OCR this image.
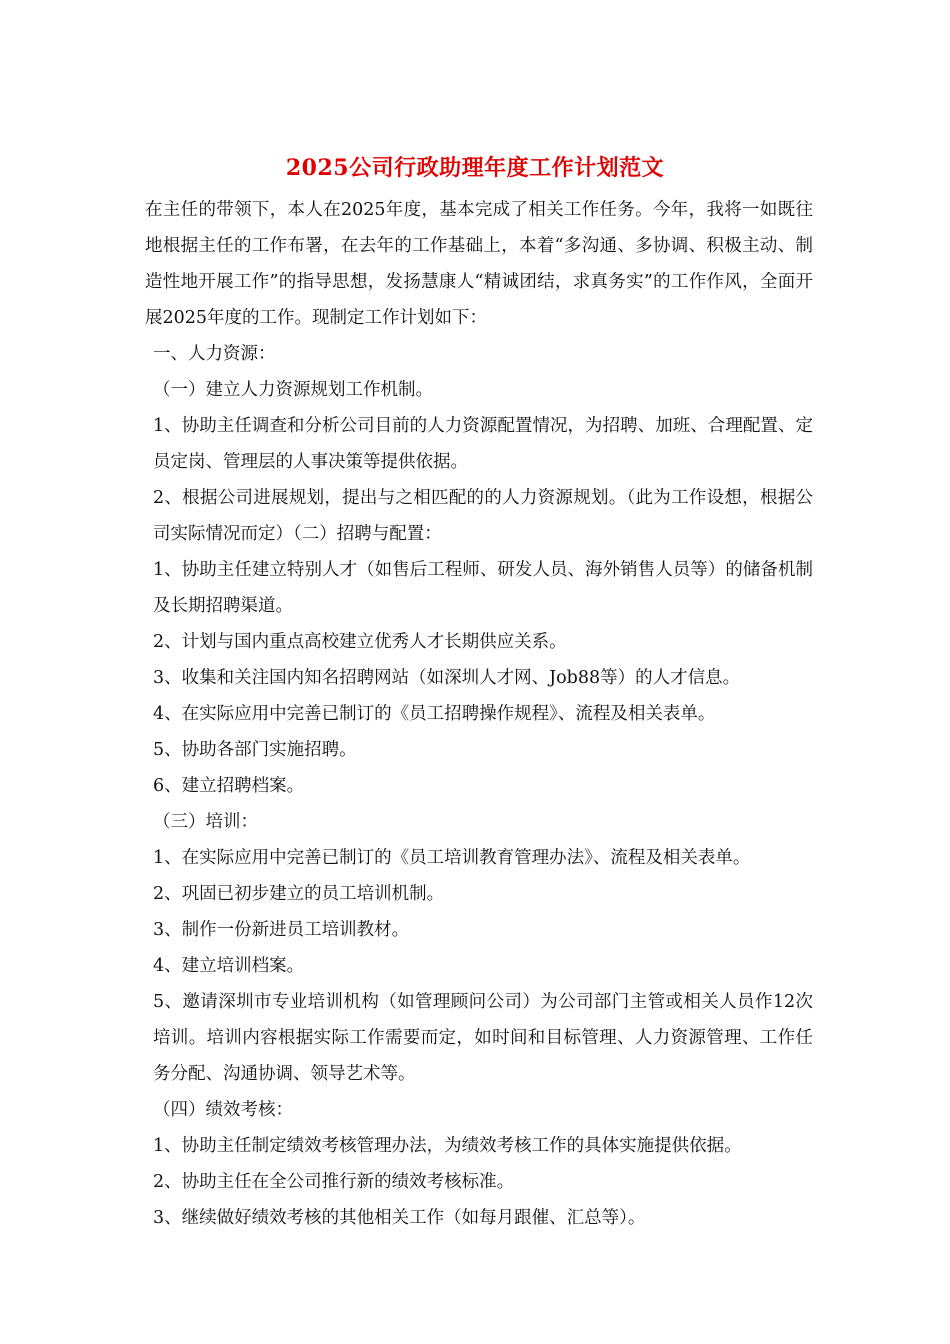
2025公司行政助理年度工作计划范文

在主任的带领下，本人在2025年度，基本完成了相关工作任务。今年，我将一如既往地根据主任的工作布署，在去年的工作基础上，本着“多沟通、多协调、积极主动、制造性地开展工作”的指导思想，发扬慧康人“精诚团结，求真务实”的工作作风，全面开展2025年度的工作。现制定工作计划如下：

一、人力资源：

（一）建立人力资源规划工作机制。

1、协助主任调查和分析公司目前的人力资源配置情况，为招聘、加班、合理配置、定员定岗、管理层的人事决策等提供依据。

2、根据公司进展规划，提出与之相匹配的的人力资源规划。（此为工作设想，根据公司实际情况而定）（二）招聘与配置：

1、协助主任建立特别人才（如售后工程师、研发人员、海外销售人员等）的储备机制及长期招聘渠道。

2、计划与国内重点高校建立优秀人才长期供应关系。

3、收集和关注国内知名招聘网站（如深圳人才网、Job88等）的人才信息。

4、在实际应用中完善已制订的《员工招聘操作规程》、流程及相关表单。

5、协助各部门实施招聘。

6、建立招聘档案。

（三）培训：

1、在实际应用中完善已制订的《员工培训教育管理办法》、流程及相关表单。

2、巩固已初步建立的员工培训机制。

3、制作一份新进员工培训教材。

4、建立培训档案。

5、邀请深圳市专业培训机构（如管理顾问公司）为公司部门主管或相关人员作12次培训。培训内容根据实际工作需要而定，如时间和目标管理、人力资源管理、工作任务分配、沟通协调、领导艺术等。

（四）绩效考核：

1、协助主任制定绩效考核管理办法，为绩效考核工作的具体实施提供依据。

2、协助主任在全公司推行新的绩效考核标准。

3、继续做好绩效考核的其他相关工作（如每月跟催、汇总等）。
